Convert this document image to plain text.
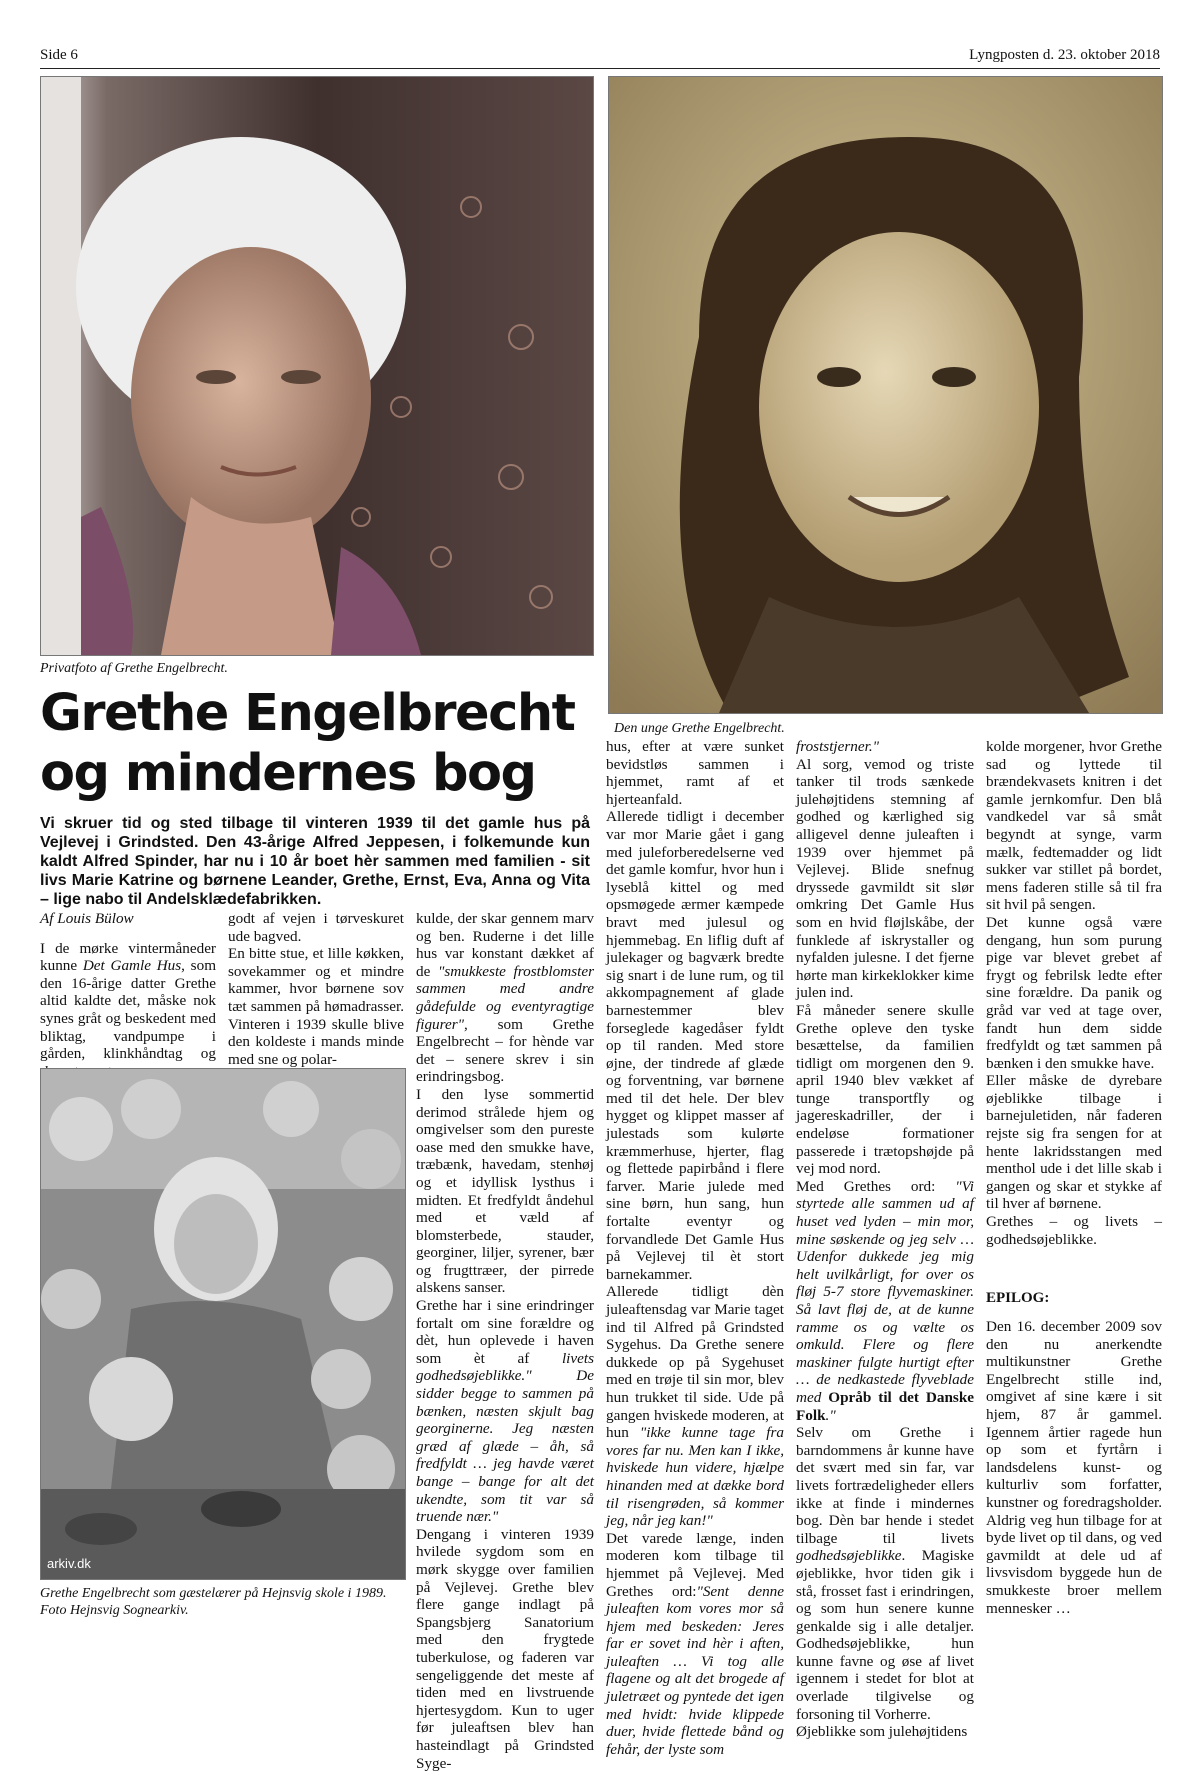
Side 6	Lyngposten d. 23. oktober 2018
Privatfoto af Grethe Engelbrecht.
Den unge Grethe Engelbrecht.
Grethe Engelbrecht
og mindernes bog
Vi skruer tid og sted tilbage til vinteren 1939 til det gamle hus på Vejlevej i Grindsted. Den 43-årige Alfred Jeppesen, i folkemunde kun kaldt Alfred Spinder, har nu i 10 år boet hèr sammen med familien - sit livs Marie Katrine og børnene Leander, Grethe, Ernst, Eva, Anna og Vita – lige nabo til Andelsklædefabrikken.

Af Louis Bülow

I de mørke vintermåneder kunne Det Gamle Hus, som den 16-årige datter Grethe altid kaldte det, måske nok synes gråt og beskedent med bliktag, vandpumpe i gården, klinkhåndtag og

godt af vejen i tørveskuret ude bagved.

En bitte stue, et lille køkken, sovekammer og et mindre kammer, hvor børnene sov tæt sammen på hømadrasser. Vinteren i 1939 skulle blive den koldeste i mands minde med sne og polar-

arkiv.dk
Grethe Engelbrecht som gæstelærer på Hejnsvig skole i 1989.
Foto Hejnsvig Sognearkiv.

kulde, der skar gennem marv og ben. Ruderne i det lille hus var konstant dækket af de "smukkeste frostblomster sammen med andre gådefulde og eventyragtige figurer", som Grethe Engelbrecht – for hènde var det – senere skrev i sin erindringsbog.

I den lyse sommertid derimod strålede hjem og omgivelser som den pureste oase med den smukke have, træbænk, havedam, stenhøj og et idyllisk lysthus i midten. Et fredfyldt åndehul med et væld af blomsterbede, stauder, georginer, liljer, syrener, bær og frugttræer, der pirrede alskens sanser.

Grethe har i sine erindringer fortalt om sine forældre og dèt, hun oplevede i haven som èt af livets godhedsøjeblikke." De sidder begge to sammen på bænken, næsten skjult bag georginerne. Jeg næsten græd af glæde – åh, så fredfyldt … jeg havde været bange – bange for alt det ukendte, som tit var så truende nær."

Dengang i vinteren 1939 hvilede sygdom som en mørk skygge over familien på Vejlevej. Grethe blev flere gange indlagt på Spangsbjerg Sanatorium med den frygtede tuberkulose, og faderen var sengeliggende det meste af tiden med en livstruende hjertesygdom. Kun to uger før juleaftsen blev han hasteindlagt på Grindsted Syge-

hus, efter at være sunket bevidstløs sammen i hjemmet, ramt af et hjerteanfald.

Allerede tidligt i december var mor Marie gået i gang med juleforberedelserne ved det gamle komfur, hvor hun i lyseblå kittel og med opsmøgede ærmer kæmpede bravt med julesul og hjemmebag. En liflig duft af julekager og bagværk bredte sig snart i de lune rum, og til akkompagnement af glade barnestemmer blev forseglede kagedåser fyldt op til randen. Med store øjne, der tindrede af glæde og forventning, var børnene med til det hele. Der blev hygget og klippet masser af julestads som kulørte kræmmerhuse, hjerter, flag og flettede papirbånd i flere farver. Marie julede med sine børn, hun sang, hun fortalte eventyr og forvandlede Det Gamle Hus på Vejlevej til èt stort barnekammer.

Allerede tidligt dèn juleaftensdag var Marie taget ind til Alfred på Grindsted Sygehus. Da Grethe senere dukkede op på Sygehuset med en trøje til sin mor, blev hun trukket til side. Ude på gangen hviskede moderen, at hun "ikke kunne tage fra vores far nu. Men kan I ikke, hviskede hun videre, hjælpe hinanden med at dække bord til risengrøden, så kommer jeg, når jeg kan!"

Det varede længe, inden moderen kom tilbage til hjemmet på Vejlevej. Med Grethes ord:"Sent denne juleaften kom vores mor så hjem med beskeden: Jeres far er sovet ind hèr i aften, juleaften … Vi tog alle flagene og alt det brogede af juletræet og pyntede det igen med hvidt: hvide klippede duer, hvide flettede bånd og fehår, der lyste som

froststjerner."

Al sorg, vemod og triste tanker til trods sænkede julehøjtidens stemning af godhed og kærlighed sig alligevel denne juleaften i 1939 over hjemmet på Vejlevej. Blide snefnug dryssede gavmildt sit slør omkring Det Gamle Hus som en hvid fløjlskåbe, der funklede af iskrystaller og nyfalden julesne. I det fjerne hørte man kirkeklokker kime julen ind.

Få måneder senere skulle Grethe opleve den tyske besættelse, da familien tidligt om morgenen den 9. april 1940 blev vækket af tunge transportfly og jagereskadriller, der i endeløse formationer passerede i trætopshøjde på vej mod nord.

Med Grethes ord: "Vi styrtede alle sammen ud af huset ved lyden – min mor, mine søskende og jeg selv … Udenfor dukkede jeg mig helt uvilkårligt, for over os fløj 5-7 store flyvemaskiner. Så lavt fløj de, at de kunne ramme os og vælte os omkuld. Flere og flere maskiner fulgte hurtigt efter … de nedkastede flyveblade med Opråb til det Danske Folk."

Selv om Grethe i barndommens år kunne have det svært med sin far, var livets fortrædeligheder ellers ikke at finde i mindernes bog. Dèn bar hende i stedet tilbage til livets godhedsøjeblikke. Magiske øjeblikke, hvor tiden gik i stå, frosset fast i erindringen, og som hun senere kunne genkalde sig i alle detaljer. Godhedsøjeblikke, hun kunne favne og øse af livet igennem i stedet for blot at overlade tilgivelse og forsoning til Vorherre.

Øjeblikke som julehøjtidens

kolde morgener, hvor Grethe sad og lyttede til brændekvasets knitren i det gamle jernkomfur. Den blå vandkedel var så småt begyndt at synge, varm mælk, fedtemadder og lidt sukker var stillet på bordet, mens faderen stille så til fra sit hvil på sengen.

Det kunne også være dengang, hun som purung pige var blevet grebet af frygt og febrilsk ledte efter sine forældre. Da panik og gråd var ved at tage over, fandt hun dem sidde fredfyldt og tæt sammen på bænken i den smukke have.

Eller måske de dyrebare øjeblikke tilbage i barnejuletiden, når faderen rejste sig fra sengen for at hente lakridsstangen med menthol ude i det lille skab i gangen og skar et stykke af til hver af børnene.

Grethes – og livets – godhedsøjeblikke.

EPILOG:
Den 16. december 2009 sov den nu anerkendte multikunstner Grethe Engelbrecht stille ind, omgivet af sine kære i sit hjem, 87 år gammel. Igennem årtier ragede hun op som et fyrtårn i landsdelens kunst- og kulturliv som forfatter, kunstner og foredragsholder. Aldrig veg hun tilbage for at byde livet op til dans, og ved gavmildt at dele ud af livsvisdom byggede hun de smukkeste broer mellem mennesker …
